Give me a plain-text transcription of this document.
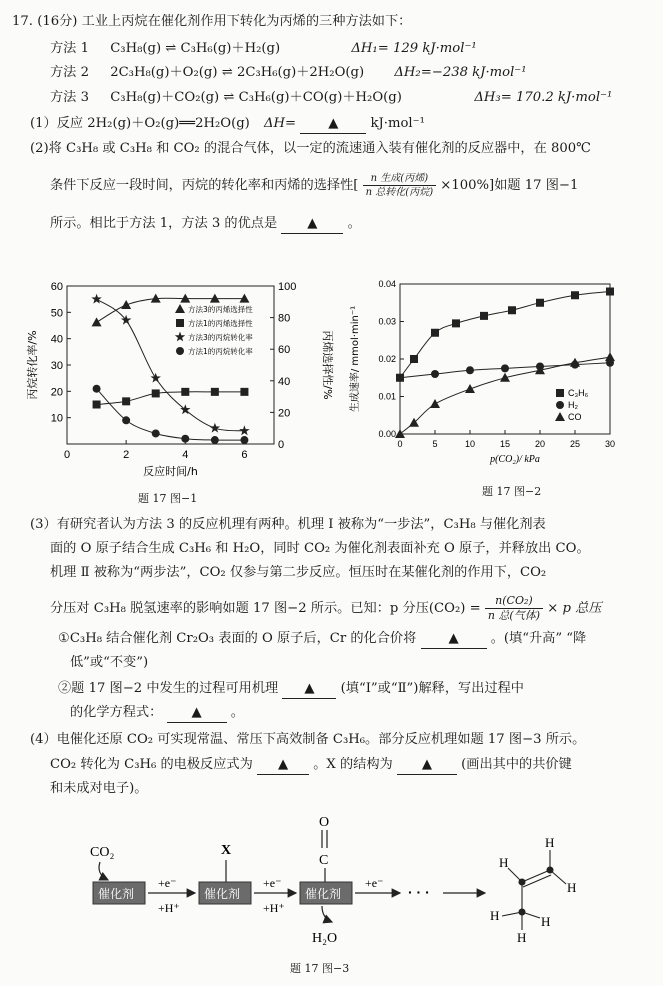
17. (16分) 工业上丙烷在催化剂作用下转化为丙烯的三种方法如下：
方法 1 C₃H₈(g) ⇌ C₃H₆(g)＋H₂(g)	ΔH₁= 129 kJ·mol⁻¹
方法 2 2C₃H₈(g)＋O₂(g) ⇌ 2C₃H₆(g)＋2H₂O(g) ΔH₂=−238 kJ·mol⁻¹
方法 3 C₃H₈(g)＋CO₂(g) ⇌ C₃H₆(g)＋CO(g)＋H₂O(g)	ΔH₃= 170.2 kJ·mol⁻¹
(1）反应 2H₂(g)＋O₂(g)══2H₂O(g) ΔH= ▲ kJ·mol⁻¹
(2)将 C₃H₈ 或 C₃H₈ 和 CO₂ 的混合气体，以一定的流速通入装有催化剂的反应器中，在 800℃
条件下反应一段时间，丙烷的转化率和丙烯的选择性[	n 生成(丙烯)
n 总转化(丙烷) ×100%]如题 17 图−1
所示。相比于方法 1，方法 3 的优点是 ▲ 。
0	2	4	6
10
20
30
40
50
60
0
20
40
60
80
100
丙烷转化率/%	丙烯选择性/%
反应时间/h
方法3的丙烯选择性
方法1的丙烯选择性
方法3的丙烷转化率
方法1的丙烷转化率
题 17 图−1
0	5	10	15	20	25	30
0.00
0.01
0.02
0.03
0.04
生成速率/ mmol·min⁻¹
p(CO₂)/ kPa
C₃H₆
H₂
CO
题 17 图−2
(3）有研究者认为方法 3 的反应机理有两种。机理 Ⅰ 被称为“一步法”，C₃H₈ 与催化剂表
面的 O 原子结合生成 C₃H₆ 和 H₂O，同时 CO₂ 为催化剂表面补充 O 原子，并释放出 CO。
机理 Ⅱ 被称为“两步法”，CO₂ 仅参与第二步反应。恒压时在某催化剂的作用下，CO₂
分压对 C₃H₈ 脱氢速率的影响如题 17 图−2 所示。已知：p 分压(CO₂) =
n(CO₂)
n 总(气体) × p 总压
①C₃H₈ 结合催化剂 Cr₂O₃ 表面的 O 原子后，Cr 的化合价将 ▲ 。(填“升高” “降
低”或“不变”)
②题 17 图−2 中发生的过程可用机理 ▲ (填“Ⅰ”或“Ⅱ”)解释，写出过程中
的化学方程式： ▲ 。
(4）电催化还原 CO₂ 可实现常温、常压下高效制备 C₃H₆。部分反应机理如题 17 图−3 所示。
CO₂ 转化为 C₃H₆ 的电极反应式为 ▲ 。X 的结构为 ▲ (画出其中的共价键
和未成对电子)。
CO₂
催化剂
+e⁻
+H⁺
X
催化剂
+e⁻
+H⁺
O
C
催化剂
H₂O
+e⁻
· · ·
H
H
H
H
H
H
题 17 图−3
